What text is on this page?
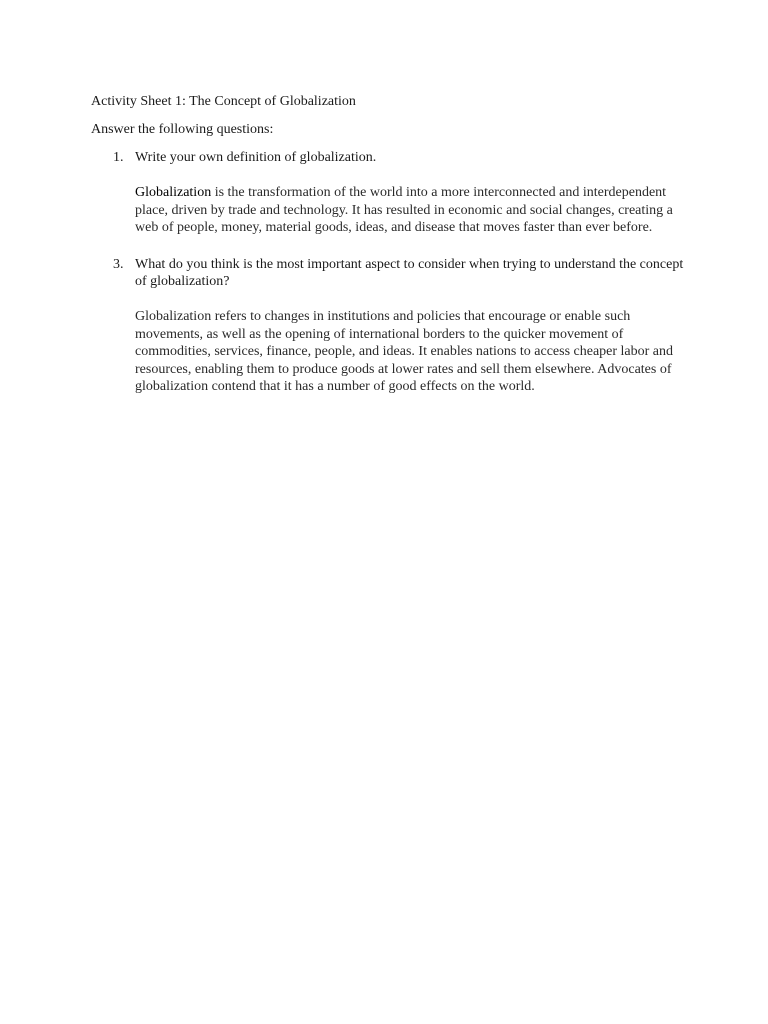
Activity Sheet 1: The Concept of Globalization
Answer the following questions:
1. Write your own definition of globalization.
Globalization is the transformation of the world into a more interconnected and interdependent place, driven by trade and technology. It has resulted in economic and social changes, creating a web of people, money, material goods, ideas, and disease that moves faster than ever before.
3. What do you think is the most important aspect to consider when trying to understand the concept of globalization?
Globalization refers to changes in institutions and policies that encourage or enable such movements, as well as the opening of international borders to the quicker movement of commodities, services, finance, people, and ideas. It enables nations to access cheaper labor and resources, enabling them to produce goods at lower rates and sell them elsewhere. Advocates of globalization contend that it has a number of good effects on the world.
